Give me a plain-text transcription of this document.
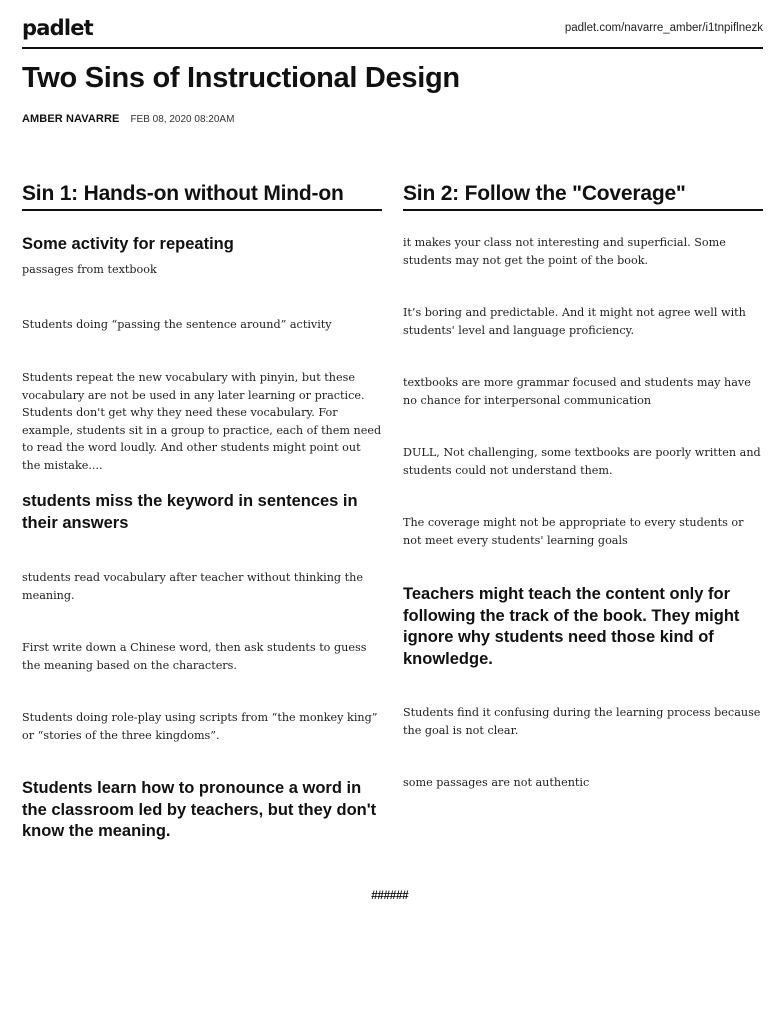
padlet	padlet.com/navarre_amber/i1tnpiflnezk
Two Sins of Instructional Design
AMBER NAVARRE FEB 08, 2020 08:20AM
Sin 1: Hands-on without Mind-on
Some activity for repeating
passages from textbook
Students doing “passing the sentence around” activity
Students repeat the new vocabulary with pinyin, but these vocabulary are not be used in any later learning or practice. Students don't get why they need these vocabulary. For example, students sit in a group to practice, each of them need to read the word loudly. And other students might point out the mistake....
students miss the keyword in sentences in their answers
students read vocabulary after teacher without thinking the meaning.
First write down a Chinese word, then ask students to guess the meaning based on the characters.
Students doing role-play using scripts from “the monkey king” or “stories of the three kingdoms”.
Students learn how to pronounce a word in the classroom led by teachers, but they don't know the meaning.
Sin 2: Follow the "Coverage"
it makes your class not interesting and superficial. Some students may not get the point of the book.
It’s boring and predictable. And it might not agree well with students' level and language proficiency.
textbooks are more grammar focused and students may have no chance for interpersonal communication
DULL, Not challenging, some textbooks are poorly written and students could not understand them.
The coverage might not be appropriate to every students or not meet every students' learning goals
Teachers might teach the content only for following the track of the book. They might ignore why students need those kind of knowledge.
Students find it confusing during the learning process because the goal is not clear.
some passages are not authentic
######
